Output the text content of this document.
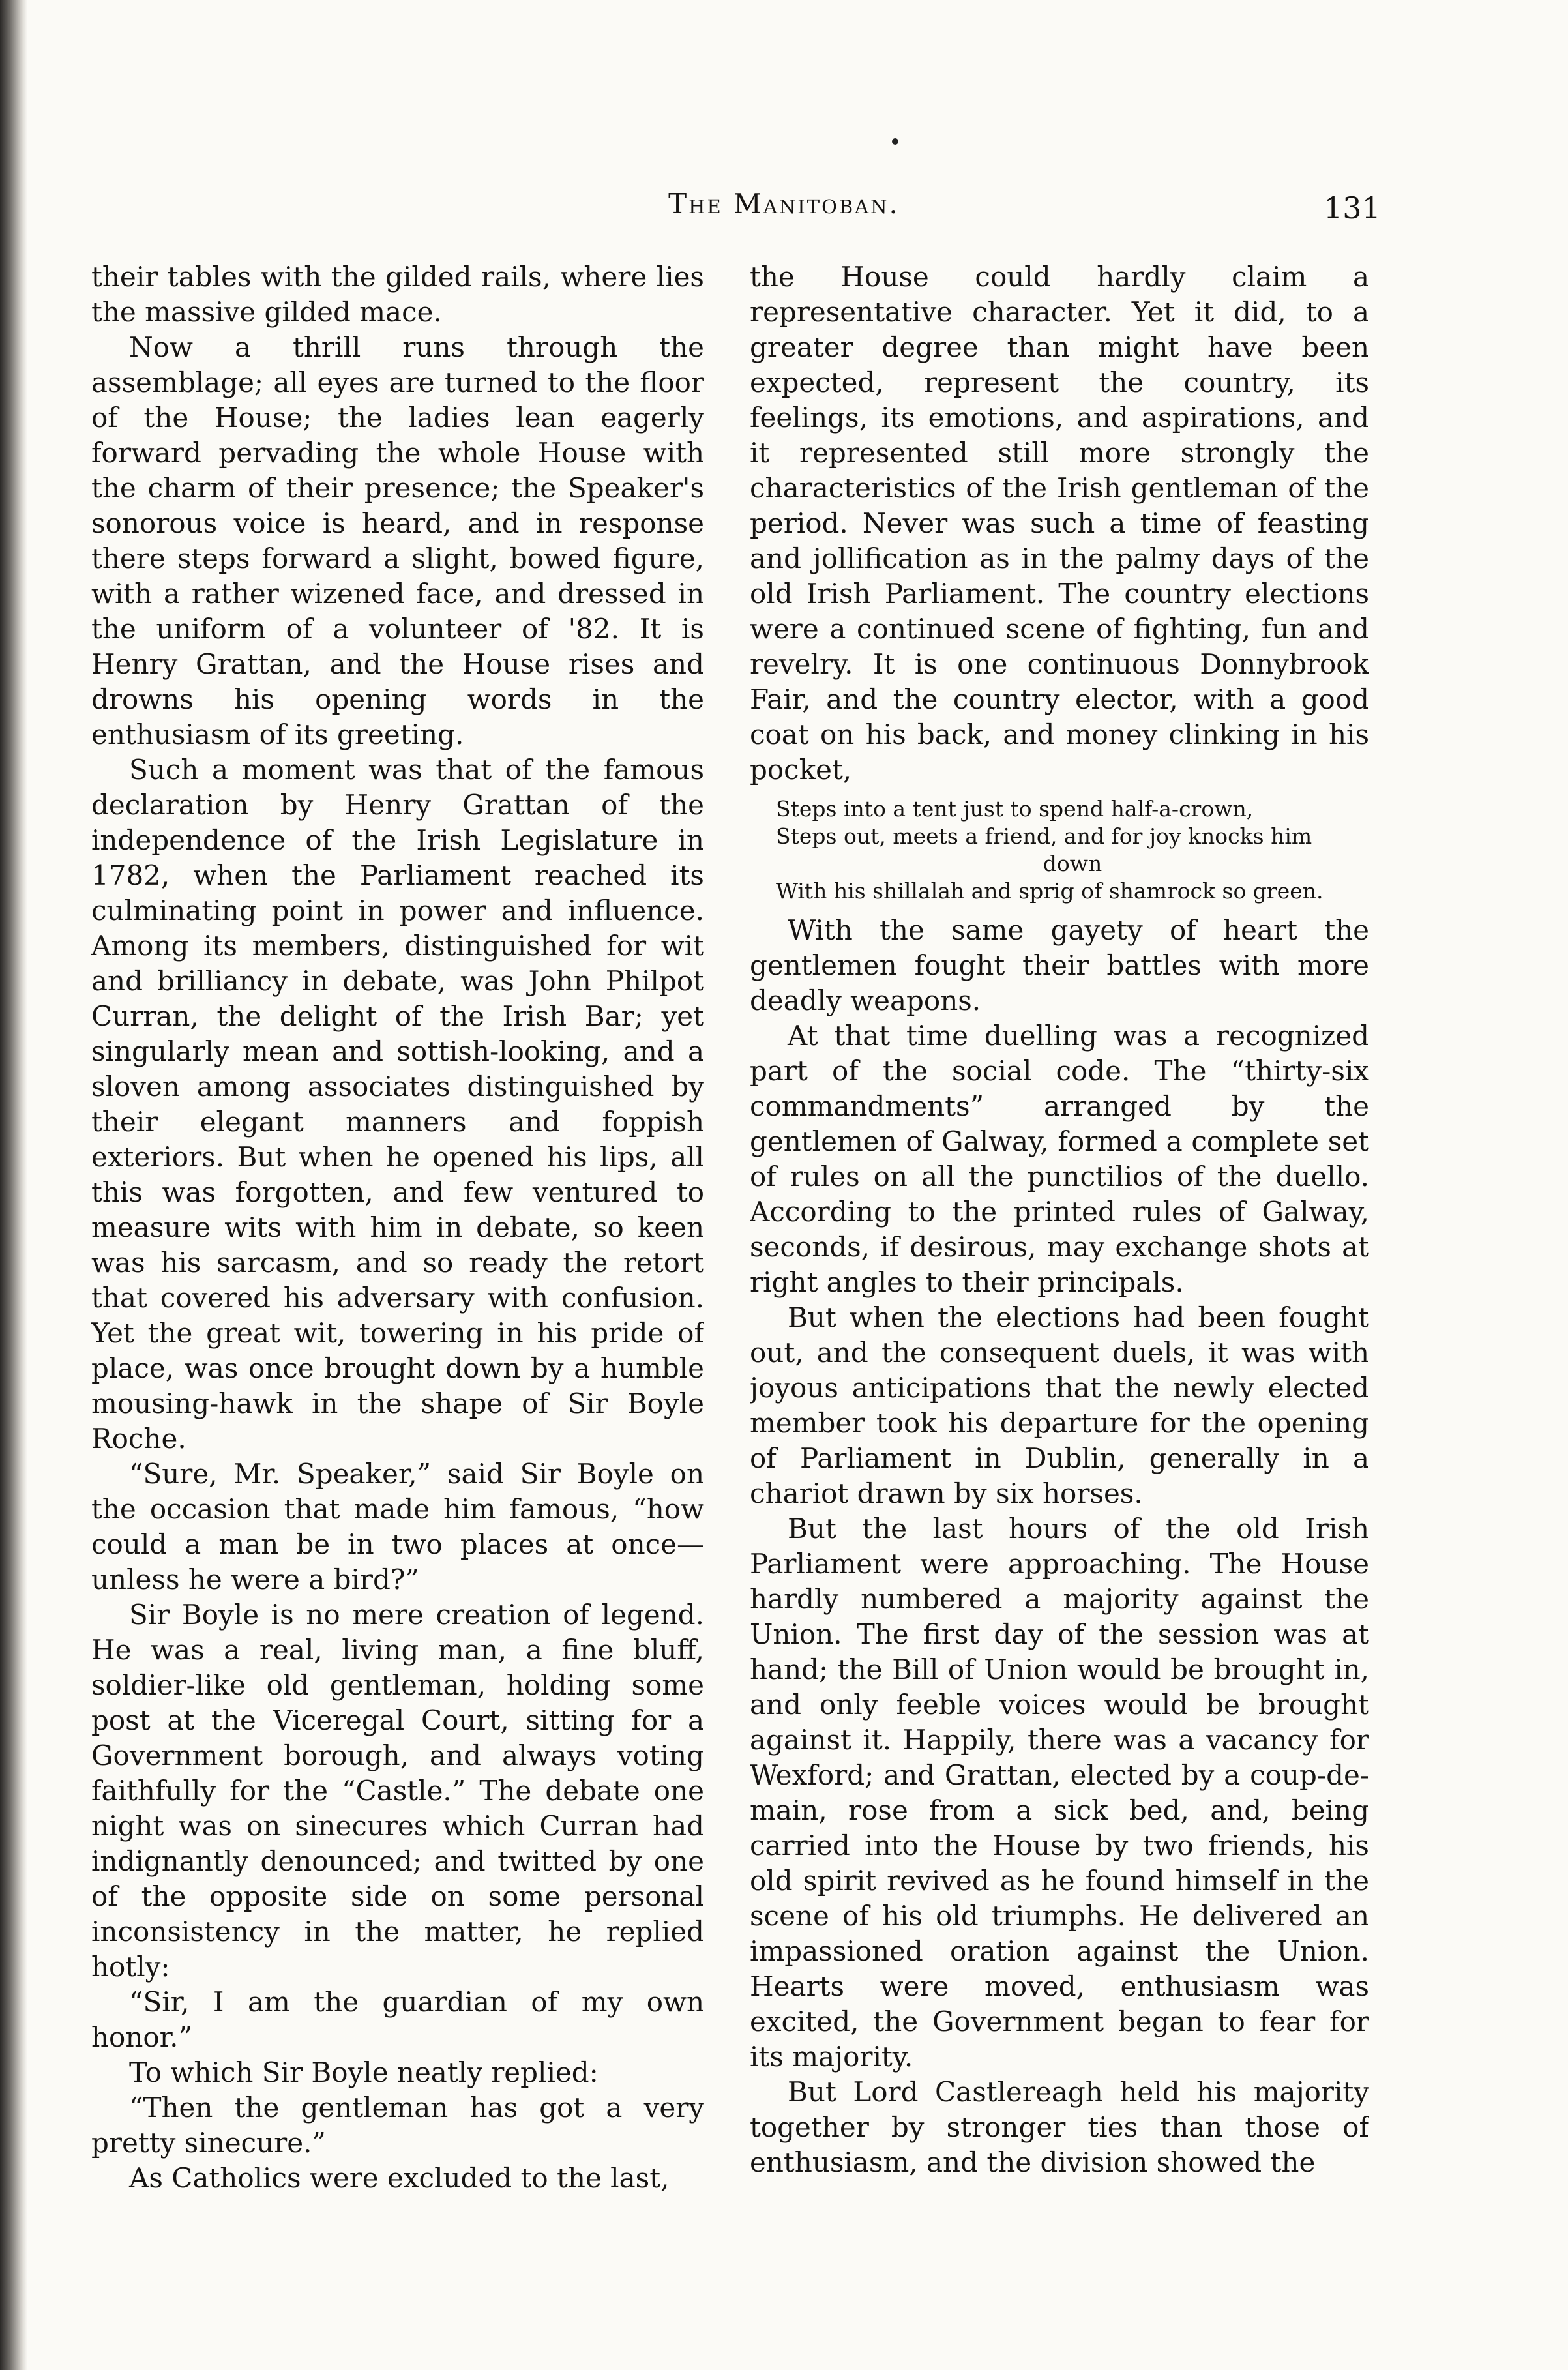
The Manitoban.	131

their tables with the gilded rails, where lies the massive gilded mace.

Now a thrill runs through the assemblage; all eyes are turned to the floor of the House; the ladies lean eagerly forward pervading the whole House with the charm of their presence; the Speaker's sonorous voice is heard, and in response there steps forward a slight, bowed figure, with a rather wizened face, and dressed in the uniform of a volunteer of '82. It is Henry Grattan, and the House rises and drowns his opening words in the enthusiasm of its greeting.

Such a moment was that of the famous declaration by Henry Grattan of the independence of the Irish Legislature in 1782, when the Parliament reached its culminating point in power and influence. Among its members, distinguished for wit and brilliancy in debate, was John Philpot Curran, the delight of the Irish Bar; yet singularly mean and sottish-looking, and a sloven among associates distinguished by their elegant manners and foppish exteriors. But when he opened his lips, all this was forgotten, and few ventured to measure wits with him in debate, so keen was his sarcasm, and so ready the retort that covered his adversary with confusion. Yet the great wit, towering in his pride of place, was once brought down by a humble mousing-hawk in the shape of Sir Boyle Roche.

“Sure, Mr. Speaker,” said Sir Boyle on the occasion that made him famous, “how could a man be in two places at once—unless he were a bird?”

Sir Boyle is no mere creation of legend. He was a real, living man, a fine bluff, soldier-like old gentleman, holding some post at the Viceregal Court, sitting for a Government borough, and always voting faithfully for the “Castle.” The debate one night was on sinecures which Curran had indignantly denounced; and twitted by one of the opposite side on some personal inconsistency in the matter, he replied hotly:

“Sir, I am the guardian of my own honor.”

To which Sir Boyle neatly replied:

“Then the gentleman has got a very pretty sinecure.”

As Catholics were excluded to the last,

the House could hardly claim a representative character. Yet it did, to a greater degree than might have been expected, represent the country, its feelings, its emotions, and aspirations, and it represented still more strongly the characteristics of the Irish gentleman of the period. Never was such a time of feasting and jollification as in the palmy days of the old Irish Parliament. The country elections were a continued scene of fighting, fun and revelry. It is one continuous Donnybrook Fair, and the country elector, with a good coat on his back, and money clinking in his pocket,

Steps into a tent just to spend half-a-crown,
Steps out, meets a friend, and for joy knocks him
down
With his shillalah and sprig of shamrock so green.

With the same gayety of heart the gentlemen fought their battles with more deadly weapons.

At that time duelling was a recognized part of the social code. The “thirty-six commandments” arranged by the gentlemen of Galway, formed a complete set of rules on all the punctilios of the duello. According to the printed rules of Galway, seconds, if desirous, may exchange shots at right angles to their principals.

But when the elections had been fought out, and the consequent duels, it was with joyous anticipations that the newly elected member took his departure for the opening of Parliament in Dublin, generally in a chariot drawn by six horses.

But the last hours of the old Irish Parliament were approaching. The House hardly numbered a majority against the Union. The first day of the session was at hand; the Bill of Union would be brought in, and only feeble voices would be brought against it. Happily, there was a vacancy for Wexford; and Grattan, elected by a coup-de-main, rose from a sick bed, and, being carried into the House by two friends, his old spirit revived as he found himself in the scene of his old triumphs. He delivered an impassioned oration against the Union. Hearts were moved, enthusiasm was excited, the Government began to fear for its majority.

But Lord Castlereagh held his majority together by stronger ties than those of enthusiasm, and the division showed the
